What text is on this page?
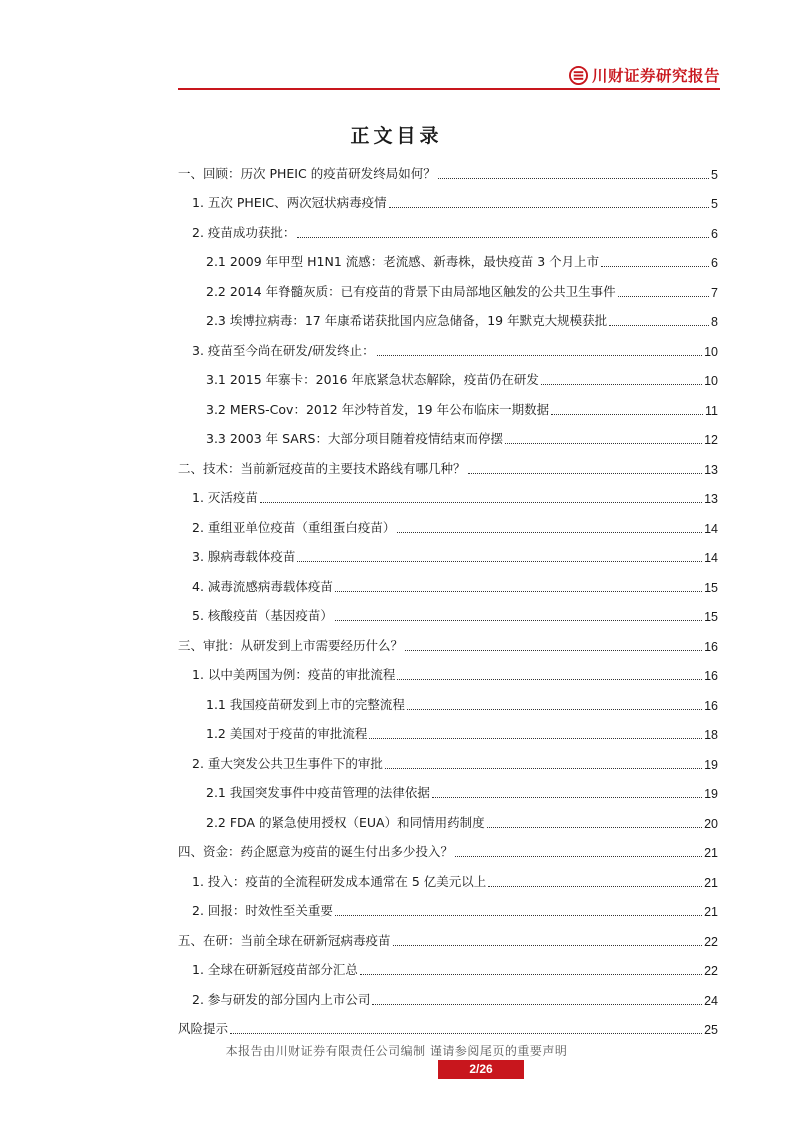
川财证券研究报告
正文目录
一、回顾：历次 PHEIC 的疫苗研发终局如何？	5
1. 五次 PHEIC、两次冠状病毒疫情	5
2. 疫苗成功获批：	6
2.1 2009 年甲型 H1N1 流感：老流感、新毒株，最快疫苗 3 个月上市	6
2.2 2014 年脊髓灰质：已有疫苗的背景下由局部地区触发的公共卫生事件	7
2.3 埃博拉病毒：17 年康希诺获批国内应急储备，19 年默克大规模获批	8
3. 疫苗至今尚在研发/研发终止：	10
3.1 2015 年寨卡：2016 年底紧急状态解除，疫苗仍在研发	10
3.2 MERS-Cov：2012 年沙特首发，19 年公布临床一期数据	11
3.3 2003 年 SARS：大部分项目随着疫情结束而停摆	12
二、技术：当前新冠疫苗的主要技术路线有哪几种？	13
1. 灭活疫苗	13
2. 重组亚单位疫苗（重组蛋白疫苗）	14
3. 腺病毒载体疫苗	14
4. 减毒流感病毒载体疫苗	15
5. 核酸疫苗（基因疫苗）	15
三、审批：从研发到上市需要经历什么？	16
1. 以中美两国为例：疫苗的审批流程	16
1.1 我国疫苗研发到上市的完整流程	16
1.2 美国对于疫苗的审批流程	18
2. 重大突发公共卫生事件下的审批	19
2.1 我国突发事件中疫苗管理的法律依据	19
2.2 FDA 的紧急使用授权（EUA）和同情用药制度	20
四、资金：药企愿意为疫苗的诞生付出多少投入？	21
1. 投入：疫苗的全流程研发成本通常在 5 亿美元以上	21
2. 回报：时效性至关重要	21
五、在研：当前全球在研新冠病毒疫苗	22
1. 全球在研新冠疫苗部分汇总	22
2. 参与研发的部分国内上市公司	24
风险提示	25
本报告由川财证券有限责任公司编制 谨请参阅尾页的重要声明
2/26
